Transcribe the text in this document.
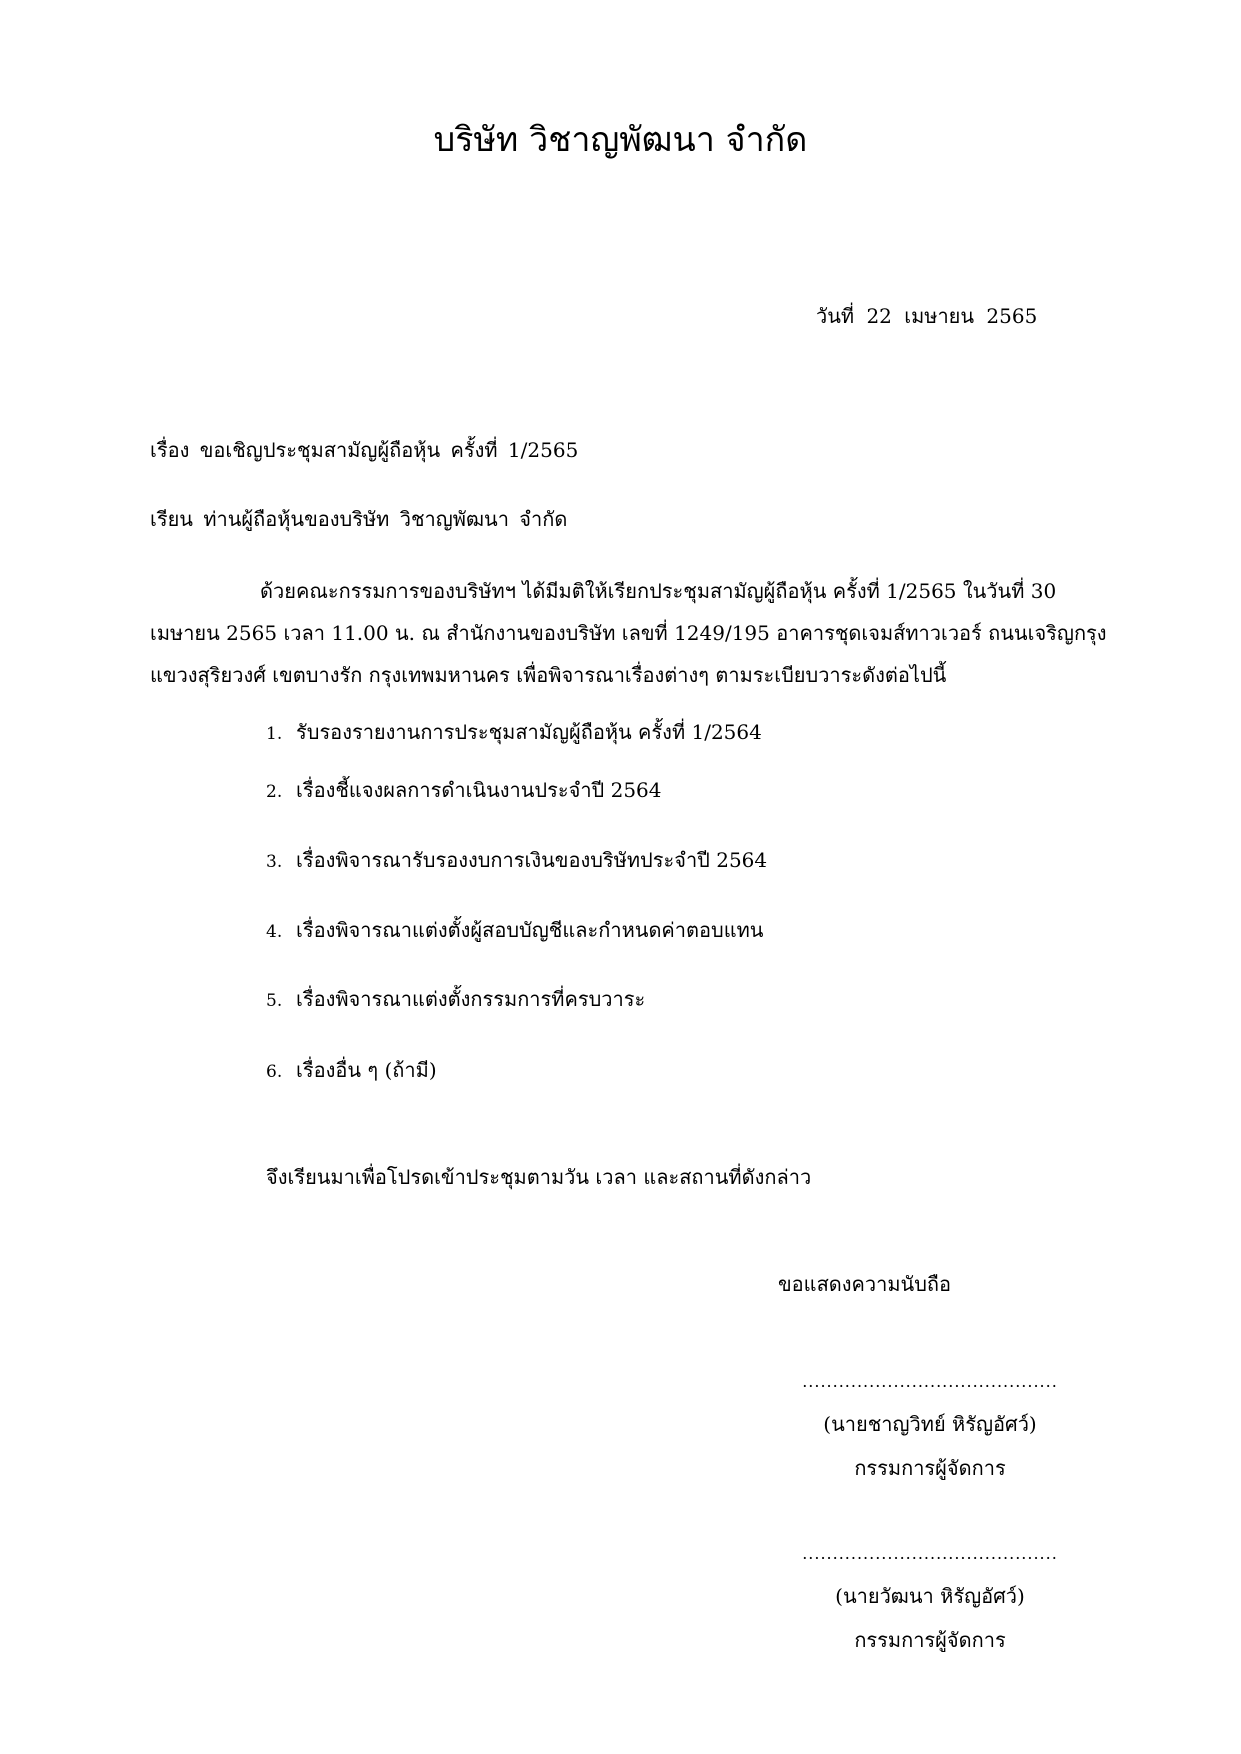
บริษัท วิชาญพัฒนา จำกัด
วันที่ 22 เมษายน 2565
เรื่อง ขอเชิญประชุมสามัญผู้ถือหุ้น ครั้งที่ 1/2565
เรียน ท่านผู้ถือหุ้นของบริษัท วิชาญพัฒนา จำกัด
ด้วยคณะกรรมการของบริษัทฯ ได้มีมติให้เรียกประชุมสามัญผู้ถือหุ้น ครั้งที่ 1/2565 ในวันที่ 30
เมษายน 2565 เวลา 11.00 น. ณ สำนักงานของบริษัท เลขที่ 1249/195 อาคารชุดเจมส์ทาวเวอร์ ถนนเจริญกรุง
แขวงสุริยวงศ์ เขตบางรัก กรุงเทพมหานคร เพื่อพิจารณาเรื่องต่างๆ ตามระเบียบวาระดังต่อไปนี้
1. รับรองรายงานการประชุมสามัญผู้ถือหุ้น ครั้งที่ 1/2564
2. เรื่องชี้แจงผลการดำเนินงานประจำปี 2564
3. เรื่องพิจารณารับรองงบการเงินของบริษัทประจำปี 2564
4. เรื่องพิจารณาแต่งตั้งผู้สอบบัญชีและกำหนดค่าตอบแทน
5. เรื่องพิจารณาแต่งตั้งกรรมการที่ครบวาระ
6. เรื่องอื่น ๆ (ถ้ามี)
จึงเรียนมาเพื่อโปรดเข้าประชุมตามวัน เวลา และสถานที่ดังกล่าว
ขอแสดงความนับถือ
..........................................
(นายชาญวิทย์ หิรัญอัศว์)
กรรมการผู้จัดการ
..........................................
(นายวัฒนา หิรัญอัศว์)
กรรมการผู้จัดการ
